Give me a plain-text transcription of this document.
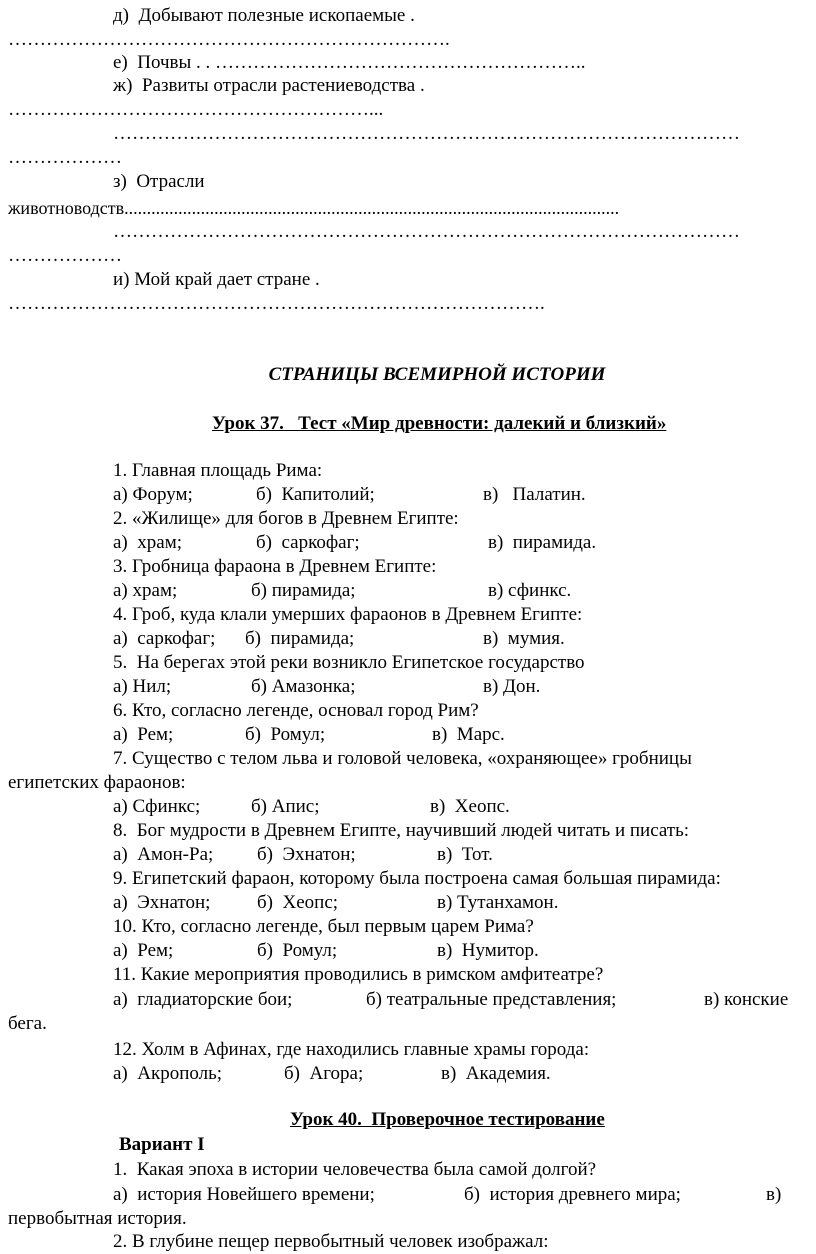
д)  Добывают полезные ископаемые .
…………………………………………………………….
е)  Почвы . . …………………………………………………..
ж)  Развиты отрасли растениеводства .
…………………………………………………...
………………………………………………………………………………………
………………
з)  Отрасли
животноводств..............................................................................................................
………………………………………………………………………………………
………………
и) Мой край дает стране .
………………………………………………………………………….
СТРАНИЦЫ ВСЕМИРНОЙ ИСТОРИИ
Урок 37.   Тест «Мир древности: далекий и близкий»
1. Главная площадь Рима:
а) Форум;	б)  Капитолий;	в)   Палатин.
2. «Жилище» для богов в Древнем Египте:
а)  храм;	б)  саркофаг;	в)  пирамида.
3. Гробница фараона в Древнем Египте:
а) храм;	б) пирамида;	в) сфинкс.
4. Гроб, куда клали умерших фараонов в Древнем Египте:
а)  саркофаг; б)  пирамида;	в)  мумия.
5.  На берегах этой реки возникло Египетское государство
а) Нил;	б) Амазонка;	в) Дон.
6. Кто, согласно легенде, основал город Рим?
а)  Рем;	б)  Ромул;	в)  Марс.
7. Существо с телом льва и головой человека, «охраняющее» гробницы
египетских фараонов:
а) Сфинкс;	б) Апис;	в)  Хеопс.
8.  Бог мудрости в Древнем Египте, научивший людей читать и писать:
а)  Амон-Ра; б)  Эхнатон;	в)  Тот.
9. Египетский фараон, которому была построена самая большая пирамида:
а)  Эхнатон; б)  Хеопс;	в) Тутанхамон.
10. Кто, согласно легенде, был первым царем Рима?
а)  Рем;	б)  Ромул;	в)  Нумитор.
11. Какие мероприятия проводились в римском амфитеатре?
а)  гладиаторские бои;	б) театральные представления;	в) конские
бега.
12. Холм в Афинах, где находились главные храмы города:
а)  Акрополь;	б)  Агора;	в)  Академия.
Урок 40.  Проверочное тестирование
Вариант I
1.  Какая эпоха в истории человечества была самой долгой?
а)  история Новейшего времени;	б)  история древнего мира;	в)
первобытная история.
2. В глубине пещер первобытный человек изображал:
